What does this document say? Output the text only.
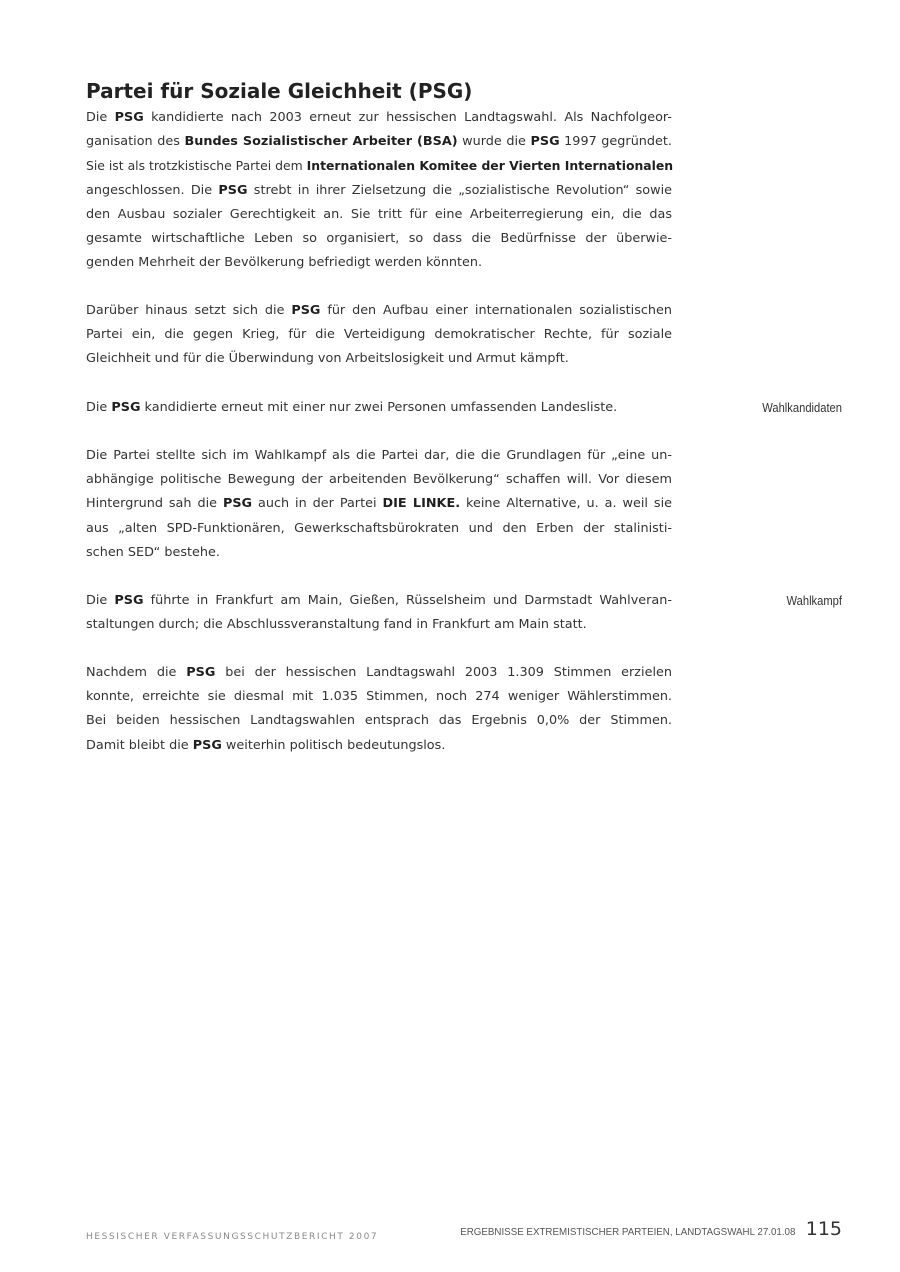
Partei für Soziale Gleichheit (PSG)
Die PSG kandidierte nach 2003 erneut zur hessischen Landtagswahl. Als Nachfolgeor-
ganisation des Bundes Sozialistischer Arbeiter (BSA) wurde die PSG 1997 gegründet.
Sie ist als trotzkistische Partei dem Internationalen Komitee der Vierten Internationalen
angeschlossen. Die PSG strebt in ihrer Zielsetzung die „sozialistische Revolution“ sowie
den Ausbau sozialer Gerechtigkeit an. Sie tritt für eine Arbeiterregierung ein, die das
gesamte wirtschaftliche Leben so organisiert, so dass die Bedürfnisse der überwie-
genden Mehrheit der Bevölkerung befriedigt werden könnten.
Darüber hinaus setzt sich die PSG für den Aufbau einer internationalen sozialistischen
Partei ein, die gegen Krieg, für die Verteidigung demokratischer Rechte, für soziale
Gleichheit und für die Überwindung von Arbeitslosigkeit und Armut kämpft.
Die PSG kandidierte erneut mit einer nur zwei Personen umfassenden Landesliste.
Die Partei stellte sich im Wahlkampf als die Partei dar, die die Grundlagen für „eine un-
abhängige politische Bewegung der arbeitenden Bevölkerung“ schaffen will. Vor diesem
Hintergrund sah die PSG auch in der Partei DIE LINKE. keine Alternative, u. a. weil sie
aus „alten SPD-Funktionären, Gewerkschaftsbürokraten und den Erben der stalinisti-
schen SED“ bestehe.
Die PSG führte in Frankfurt am Main, Gießen, Rüsselsheim und Darmstadt Wahlveran-
staltungen durch; die Abschlussveranstaltung fand in Frankfurt am Main statt.
Nachdem die PSG bei der hessischen Landtagswahl 2003 1.309 Stimmen erzielen
konnte, erreichte sie diesmal mit 1.035 Stimmen, noch 274 weniger Wählerstimmen.
Bei beiden hessischen Landtagswahlen entsprach das Ergebnis 0,0% der Stimmen.
Damit bleibt die PSG weiterhin politisch bedeutungslos.
Wahlkandidaten
Wahlkampf
HESSISCHER VERFASSUNGSSCHUTZBERICHT 2007	ERGEBNISSE EXTREMISTISCHER PARTEIEN, LANDTAGSWAHL 27.01.08 115
